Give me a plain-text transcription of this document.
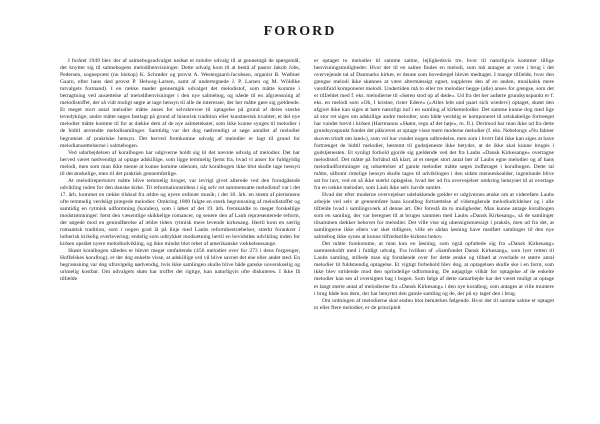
FORORD

I foråret 1949 blev der af salmebogsudvalget nedsat et mindre udvalg til at gennemgå de spørgsmål, der knytter sig til salmebogens melodihenvisninger. Dette udvalg kom til at bestå af pastor Jakob Jobs, Pedersen, sognepræst (nu biskop) K. Schrøder og provst A. Westergaard-Jacobsen, organist B. Wøllner Gaarn, efter hans død provst P. Helweg-Larsen, samt af undertegnede J. P. Larsen og M. Wöldike tutvalgets formand). I en række møder gennemgik udvalget det melodistof, som måtte komme i betragtning ved ansættelse af melodihenvisninger i den nye salmebog, og nåede til en afgrænsning af melodistoffet, der så vidt muligt søgte at tage hensyn til alle de interesser, der her måtte gøre sig gældende. Et meget stort antal melodier måtte anses for selvskrevne til optagelse på grund af deres stærke levedyktige; andre måtte søges fastlagt på grund af historisk tradition eller kunstnerisk kvalitet; et del nye melodier måtte komme til for at dække dem af de nye salmetekster, som ikke kunne synges til melodier i de hidtil anvendte melodisamlinger. Samtidig var det dog nødvendigt at søge antallet af melodier begrænset af praktiske hensyn. Det herved fremkomne udvalg af melodier er lagt til grund for melodiansættelserne i salmebogen.

Ved udarbejdelsen af koralbogen har udgiverne holdt sig til det nævnte udvalg af melodier. Det har herved været nødvendigt at optage adskillige, som ligge temmelig fjernt fra, hvad vi anser for fuldgyldig melodi, men som man ikke mente at kunne komme udenom, når koralbogen ikke blot skulle tage hensyn til det ønskelige, men til det praktisk gennemførlige.

At melodirepertoiret måtte blive temmelig broget, var ievrigt givet allerede ved den forudgående udvikling inden for den danske kirke. Til reformationstidens i sig selv ret sammensatte melodistof var i det 17. årh. kommet en række tilskud fra ældre og nyere ordinær musik; i det 18. årh. en strøm af pietismens ofte temmelig verdsligt prægede melodier. Omkring 1800 fulgte en stærk begrænsning af melodistoffet og samtidig en rytmisk udformning (koralen), som i løbet af det 19. årh. fremkaldte to meget forskellige modstrømninger: først den væsentlige skikkelige romancer, og senere den af Laub repræsenterede reform, der søgede mod en genindførelse af ældre tiders rytmisk mere levende kirkesang. Hertil kom en særlig romantisk tradition, som i nogen grad lå på linje med Laubs reformbestræbelser, stærkt forankret i lutherisk kirkelig overlevering; endelig som udtrykket modsætning hertil en bevidstløs udvikling inden for kirken opstået nyere melodiudvikling, og ikke mindst blot rebet af amerikanske vækkelsessange.

Skønt koralbogen således er blevet meget omfattende (456 melodier over for 273 i dens forgænger, Hoffelskes koralbog), er der dog enkelte visse, at adskillige ord vil blive savnet det ene eller andet sted. En begrænsning var dog ufravigelig nødvendig, hvis ikke samlingen skulle blive både ganske uoverskuelig og urimelig kostbar. Om udvalgets skøn har truffet det rigtige, kan naturligvis ofte diskuteres. I ikke få tilfælde

er optaget to melodier til samme salme, lejlighedsvis tre, hvor til naturligvis kommer tillige henvisningsmuligheder. Hvor der til en salme findes en melodi, som må antages at være i brug i det overvejende tal af Danmarks kirker, er denne som hovedregel blevet medtaget. I mange tilfælde, hvor den gængse melodi ikke skønnes at være altermæssigt egnet, suppleres den af en anden, musikalsk mere værdifuld komponeret melodi. Undertiden må to eller tre melodier hegge (alle) anses for gængse, som det er tilfældet med f. eks. melodierne til »Søren stod op af døde«. Ud fra det her anførte grundsynspunkt er f. eks. en melodi som »Oh, I kristne, rister Edere« (»Alles lebt und paart sich wiederv) optaget, skønt den afgjort ikke kan siges at høre naturligt ind i en samling af kirkemelodier. Det samme kunne dog med lige så stor ret siges om adskillige andre melodier, som både verdslig er komponeret til selskabelige fortreeget har vundet hævd i kirken (Hartmanns »Skønt, regn af det høje«, m. fl.). Derimod har man ikke ud fra dette grundsynspunkt fundet det påkrævet at optage visse mere moderne melodier (f. eks. Nebelongs »Nu falmer skoven trindt om land«), som vel har vundet nogen udbredelse, men som i hvert fald ikke kan siges at have fortrænget de hidtil melodier, bestemt til gudstjeneste ikke betyder, at de ikke skal kunne bruges i gudstjenesten. Et synligt forhold gjorde sig gældende ved det fra Laubs »Dansk Kirkesange« overtagne melodistof. Det måtte på forhånd stå klart, at et meget stort antal bør af Laubs egne melodier og af hans melodiudformninger og udsættelser af gamle melodier måtte søges indføraget i koralbogen. Dette tal måtte, såfremt rimelige hensyn skulle tages til udviklingen i den sidste menneskealder, ingenlunde blive sat for lavt, ved en så ikke stærkt optagelse, hvad der ud fra overvejelser omkring hensynet til at overtage fra en række melodier, som Laub ikke selv havde samlet.

Hvad der efter moderne overvejelser udelukkende gælder er udgivernes ønske om at videreføre Laubs arbejde ved selv at gennemføre hans koralbog fortsættelse af videregående melodiudvidelser og i alle tilfælde hvad i samlingsværk af denne art. Der foreslå da to muligheder. Man kunne antage koralbogen som en samling, der var beregnet til at bruges sammen med Laubs »Dansk Kirkesang«, så de samlinger tilsammen dækker behovet for melodier. Det ville vise sig uhensigtsmæssigt i praksis, men ud fra det, at samlingerne ikke ellers var sket tidligere, ville en sådan løsning have medført samlinger til den nye salmebog ikke synes at kunne tilfredsstille kirkens behov.

Det måtte forekomme, at man kun en løsning, som også opfattede sig fra »Dansk Kirkesang« sammenholdt med i fuldigt udvalg. Fra hvilken af »Samfundet Dansk Kirkesang«, som lyer retten til Laubs samling, stillede man sig forstående over for dette ønske og tilbød at overlade et større antal melodier til fuldstændig optagelse. Et vigtigt forbehold blev dog, at optagelsen skulle ske i en form, som ikke blev stridende mod den oprindelige udformning. De nøjagtige vilkår for optagelse af de enkelte melodier kan ses af oversigten bag i bogen. Som følge af dette samarbejde har det været muligt at optage et langt større antal af melodierne fra »Dansk Kirkesang« i den nye koralbog, som antages at ville muntere i brug både hos dem, der har benyttet den gamle samling og de, der på ny tager den i brug.

Om ordningen af melodierne skal endnu blot bemærkes følgende. Hvor der til samme salme er optaget to eller flere melodier, er de principielt
